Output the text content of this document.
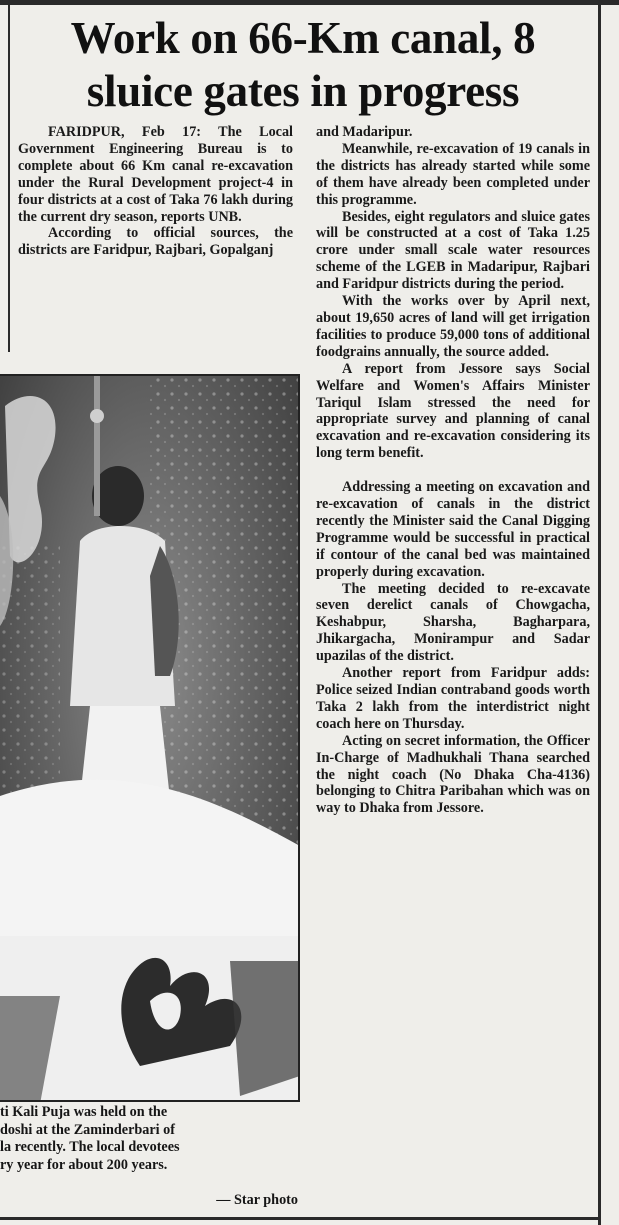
Work on 66-Km canal, 8
sluice gates in progress

FARIDPUR, Feb 17: The Local Government Engineering Bureau is to complete about 66 Km canal re-excavation under the Rural Development project-4 in four districts at a cost of Taka 76 lakh during the current dry season, reports UNB.

According to official sources, the districts are Faridpur, Rajbari, Gopalganj

and Madaripur.

Meanwhile, re-excavation of 19 canals in the districts has already started while some of them have already been completed under this programme.

Besides, eight regulators and sluice gates will be constructed at a cost of Taka 1.25 crore under small scale water resources scheme of the LGEB in Madaripur, Rajbari and Faridpur districts during the period.

With the works over by April next, about 19,650 acres of land will get irrigation facilities to produce 59,000 tons of additional foodgrains annually, the source added.

A report from Jessore says Social Welfare and Women's Affairs Minister Tariqul Islam stressed the need for appropriate survey and planning of canal excavation and re-excavation considering its long term benefit.

Addressing a meeting on excavation and re-excavation of canals in the district recently the Minister said the Canal Digging Programme would be successful in practical if contour of the canal bed was maintained properly during excavation.

The meeting decided to re-excavate seven derelict canals of Chowgacha, Keshabpur, Sharsha, Bagharpara, Jhikargacha, Monirampur and Sadar upazilas of the district.

Another report from Faridpur adds: Police seized Indian contraband goods worth Taka 2 lakh from the interdistrict night coach here on Thursday.

Acting on secret information, the Officer In-Charge of Madhukhali Thana searched the night coach (No Dhaka Cha-4136) belonging to Chitra Paribahan which was on way to Dhaka from Jessore.

ti Kali Puja was held on the
doshi at the Zaminderbari of
la recently. The local devotees
ry year for about 200 years.
— Star photo
